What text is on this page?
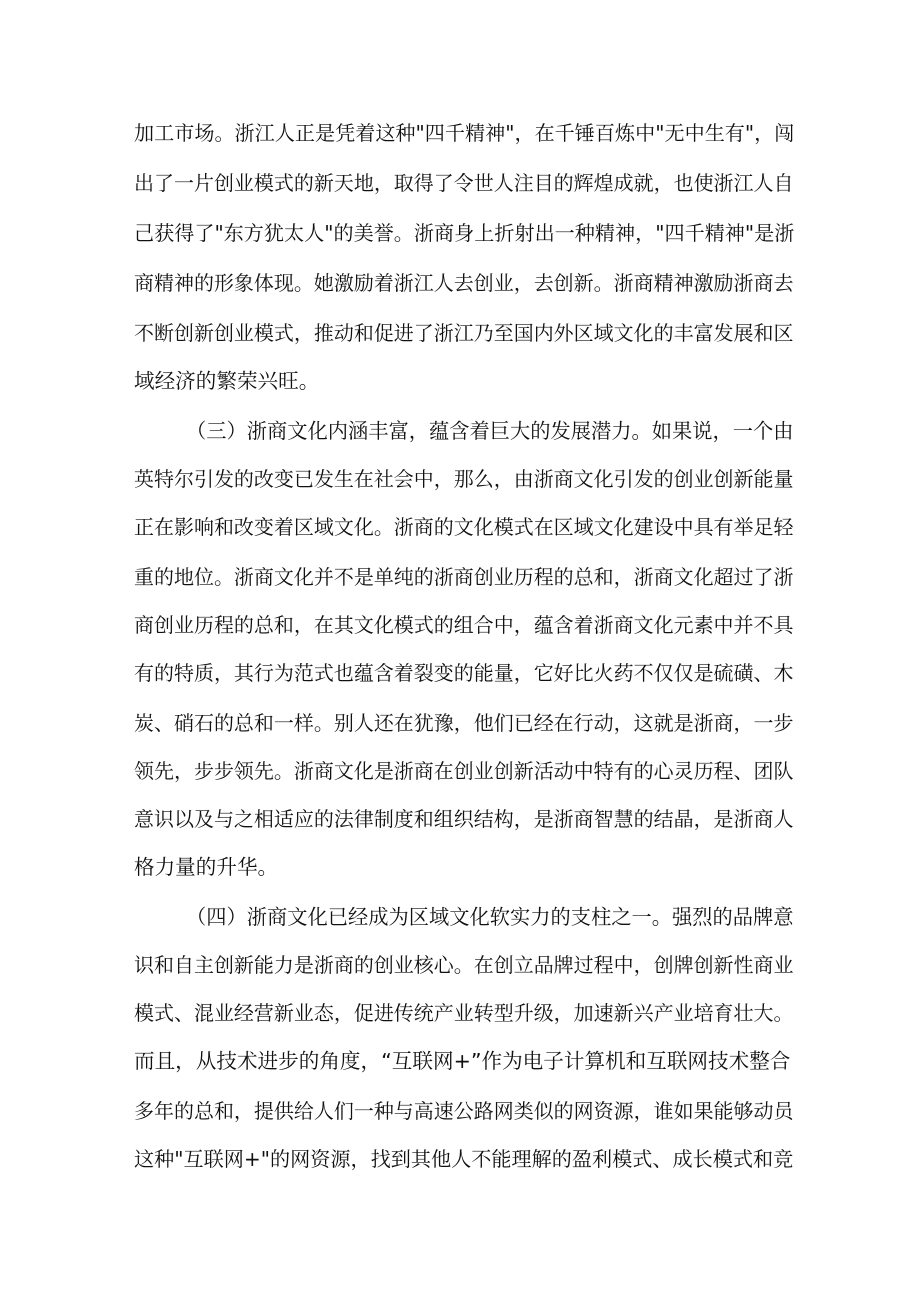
加工市场。浙江人正是凭着这种"四千精神"，在千锤百炼中"无中生有"，闯
出了一片创业模式的新天地，取得了令世人注目的辉煌成就，也使浙江人自
己获得了"东方犹太人"的美誉。浙商身上折射出一种精神，"四千精神"是浙
商精神的形象体现。她激励着浙江人去创业，去创新。浙商精神激励浙商去
不断创新创业模式，推动和促进了浙江乃至国内外区域文化的丰富发展和区
域经济的繁荣兴旺。
（三）浙商文化内涵丰富，蕴含着巨大的发展潜力。如果说，一个由
英特尔引发的改变已发生在社会中，那么，由浙商文化引发的创业创新能量
正在影响和改变着区域文化。浙商的文化模式在区域文化建设中具有举足轻
重的地位。浙商文化并不是单纯的浙商创业历程的总和，浙商文化超过了浙
商创业历程的总和，在其文化模式的组合中，蕴含着浙商文化元素中并不具
有的特质，其行为范式也蕴含着裂变的能量，它好比火药不仅仅是硫磺、木
炭、硝石的总和一样。别人还在犹豫，他们已经在行动，这就是浙商，一步
领先，步步领先。浙商文化是浙商在创业创新活动中特有的心灵历程、团队
意识以及与之相适应的法律制度和组织结构，是浙商智慧的结晶，是浙商人
格力量的升华。
（四）浙商文化已经成为区域文化软实力的支柱之一。强烈的品牌意
识和自主创新能力是浙商的创业核心。在创立品牌过程中，创牌创新性商业
模式、混业经营新业态，促进传统产业转型升级，加速新兴产业培育壮大。
而且，从技术进步的角度，“互联网+”作为电子计算机和互联网技术整合
多年的总和，提供给人们一种与高速公路网类似的网资源，谁如果能够动员
这种"互联网+"的网资源，找到其他人不能理解的盈利模式、成长模式和竞
